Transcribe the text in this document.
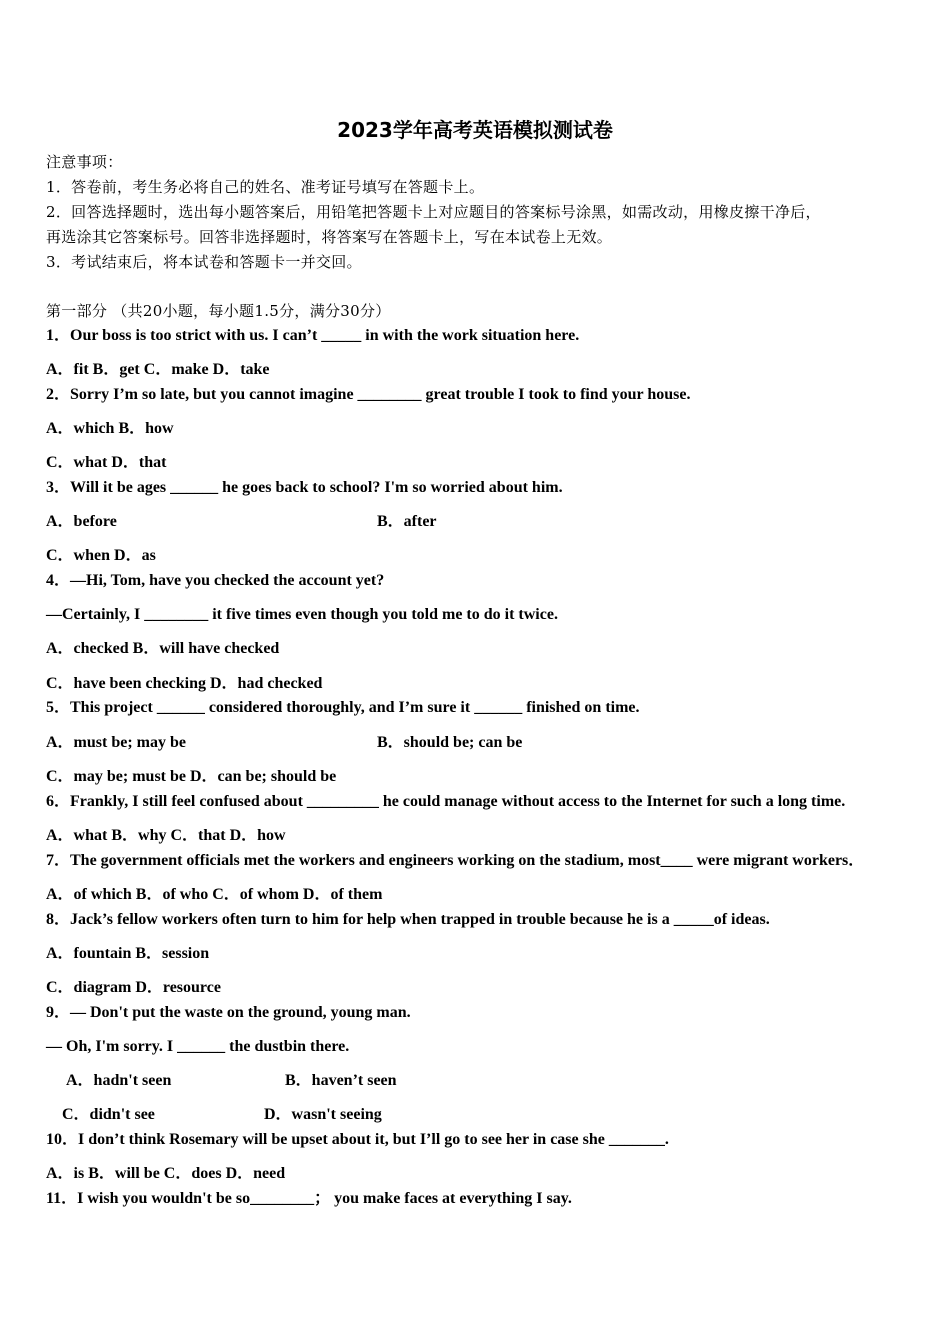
2023学年高考英语模拟测试卷
注意事项：
1．答卷前，考生务必将自己的姓名、准考证号填写在答题卡上。
2．回答选择题时，选出每小题答案后，用铅笔把答题卡上对应题目的答案标号涂黑，如需改动，用橡皮擦干净后，
再选涂其它答案标号。回答非选择题时，将答案写在答题卡上，写在本试卷上无效。
3．考试结束后，将本试卷和答题卡一并交回。
第一部分 （共20小题，每小题1.5分，满分30分）
1．Our boss is too strict with us. I can’t _____ in with the work situation here.
A．fit B．get C．make D．take
2．Sorry I’m so late, but you cannot imagine ________ great trouble I took to find your house.
A．which B．how
C．what D．that
3．Will it be ages ______ he goes back to school? I'm so worried about him.
A．before	B．after
C．when D．as
4．—Hi, Tom, have you checked the account yet?
—Certainly, I ________ it five times even though you told me to do it twice.
A．checked B．will have checked
C．have been checking D．had checked
5．This project ______ considered thoroughly, and I’m sure it ______ finished on time.
A．must be; may be	B．should be; can be
C．may be; must be D．can be; should be
6．Frankly, I still feel confused about _________ he could manage without access to the Internet for such a long time.
A．what B．why C．that D．how
7．The government officials met the workers and engineers working on the stadium, most____ were migrant workers．
A．of which B．of who C．of whom D．of them
8．Jack’s fellow workers often turn to him for help when trapped in trouble because he is a _____of ideas.
A．fountain B．session
C．diagram D．resource
9．— Don't put the waste on the ground, young man.
— Oh, I'm sorry. I ______ the dustbin there.
A．hadn't seen	B．haven’t seen
C．didn't see	D．wasn't seeing
10．I don’t think Rosemary will be upset about it, but I’ll go to see her in case she _______.
A．is B．will be C．does D．need
11．I wish you wouldn't be so________； you make faces at everything I say.
